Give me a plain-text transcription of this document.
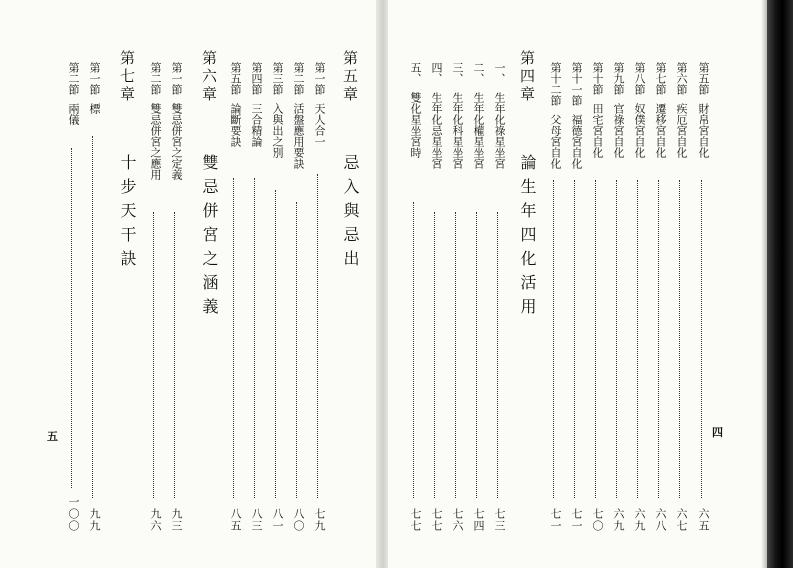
第五節財帛宮自化
六五
第六節疾厄宮自化
六七
第七節遷移宮自化
六八
第八節奴僕宮自化
六九
第九節官祿宮自化
六九
第十節田宅宮自化
七〇
第十一節福德宮自化
七一
第十二節父母宮自化
七一
第四章  論生年四化活用
一、生年化祿星坐宮
七三
二、生年化權星坐宮
七四
三、生年化科星坐宮
七六
四、生年化忌星坐宮
七七
五、雙化星坐宮時
七七
四
第五章  忌入與忌出
第一節天人合一
七九
第二節活盤應用要訣
八〇
第三節入與出之別
八一
第四節三合精論
八三
第五節論斷要訣
八五
第六章  雙忌併宮之涵義
第一節雙忌併宮之定義
九三
第二節雙忌併宮之應用
九六
第七章  十步天干訣
第一節標
九九
第二節兩儀
一〇〇
五
